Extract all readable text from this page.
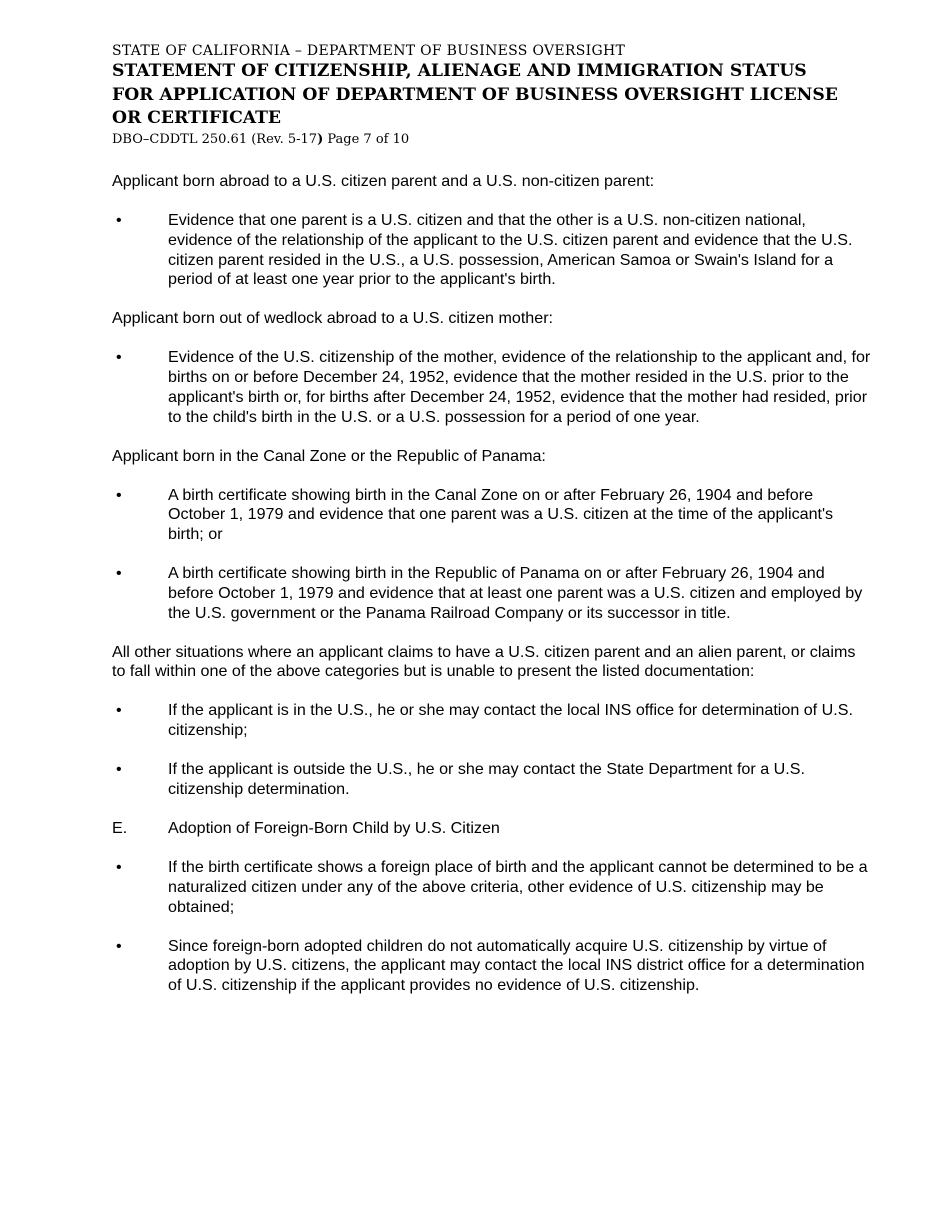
STATE OF CALIFORNIA – DEPARTMENT OF BUSINESS OVERSIGHT
STATEMENT OF CITIZENSHIP, ALIENAGE AND IMMIGRATION STATUS
FOR APPLICATION OF DEPARTMENT OF BUSINESS OVERSIGHT LICENSE
OR CERTIFICATE
DBO–CDDTL 250.61 (Rev. 5-17) Page 7 of 10

Applicant born abroad to a U.S. citizen parent and a U.S. non-citizen parent:

•	Evidence that one parent is a U.S. citizen and that the other is a U.S. non-citizen national, evidence of the relationship of the applicant to the U.S. citizen parent and evidence that the U.S. citizen parent resided in the U.S., a U.S. possession, American Samoa or Swain's Island for a period of at least one year prior to the applicant's birth.

Applicant born out of wedlock abroad to a U.S. citizen mother:

•	Evidence of the U.S. citizenship of the mother, evidence of the relationship to the applicant and, for births on or before December 24, 1952, evidence that the mother resided in the U.S. prior to the applicant's birth or, for births after December 24, 1952, evidence that the mother had resided, prior to the child's birth in the U.S. or a U.S. possession for a period of one year.

Applicant born in the Canal Zone or the Republic of Panama:

•	A birth certificate showing birth in the Canal Zone on or after February 26, 1904 and before October 1, 1979 and evidence that one parent was a U.S. citizen at the time of the applicant's birth; or
•	A birth certificate showing birth in the Republic of Panama on or after February 26, 1904 and before October 1, 1979 and evidence that at least one parent was a U.S. citizen and employed by the U.S. government or the Panama Railroad Company or its successor in title.

All other situations where an applicant claims to have a U.S. citizen parent and an alien parent, or claims to fall within one of the above categories but is unable to present the listed documentation:

•	If the applicant is in the U.S., he or she may contact the local INS office for determination of U.S. citizenship;
•	If the applicant is outside the U.S., he or she may contact the State Department for a U.S. citizenship determination.
E.	Adoption of Foreign-Born Child by U.S. Citizen
•	If the birth certificate shows a foreign place of birth and the applicant cannot be determined to be a naturalized citizen under any of the above criteria, other evidence of U.S. citizenship may be obtained;
•	Since foreign-born adopted children do not automatically acquire U.S. citizenship by virtue of adoption by U.S. citizens, the applicant may contact the local INS district office for a determination of U.S. citizenship if the applicant provides no evidence of U.S. citizenship.
